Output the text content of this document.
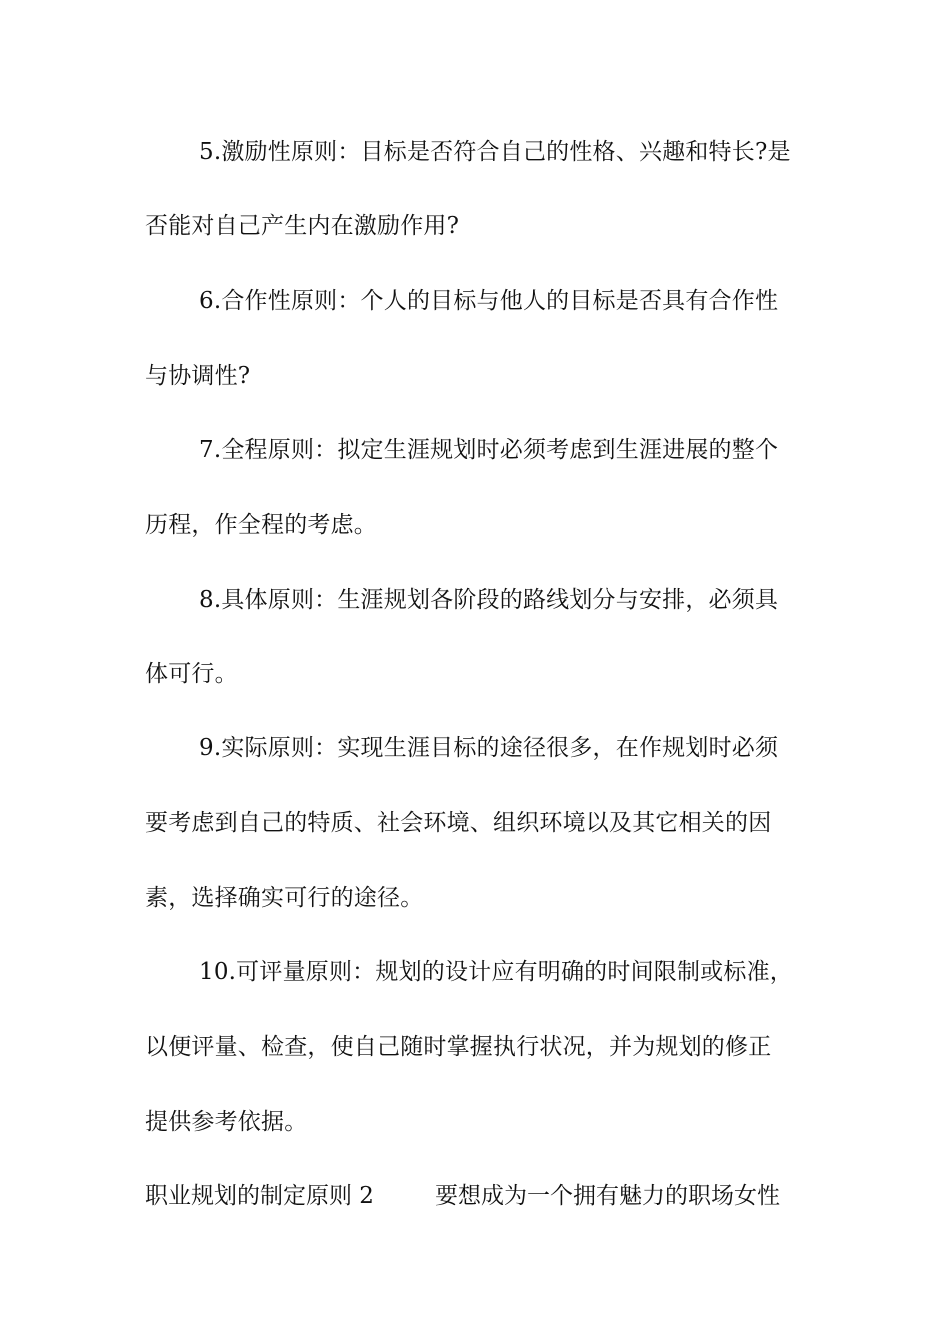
5.激励性原则：目标是否符合自己的性格、兴趣和特长?是
否能对自己产生内在激励作用?
6.合作性原则：个人的目标与他人的目标是否具有合作性
与协调性?
7.全程原则：拟定生涯规划时必须考虑到生涯进展的整个
历程，作全程的考虑。
8.具体原则：生涯规划各阶段的路线划分与安排，必须具
体可行。
9.实际原则：实现生涯目标的途径很多，在作规划时必须
要考虑到自己的特质、社会环境、组织环境以及其它相关的因
素，选择确实可行的途径。
10.可评量原则：规划的设计应有明确的时间限制或标准，
以便评量、检查，使自己随时掌握执行状况，并为规划的修正
提供参考依据。
职业规划的制定原则 2	要想成为一个拥有魅力的职场女性
